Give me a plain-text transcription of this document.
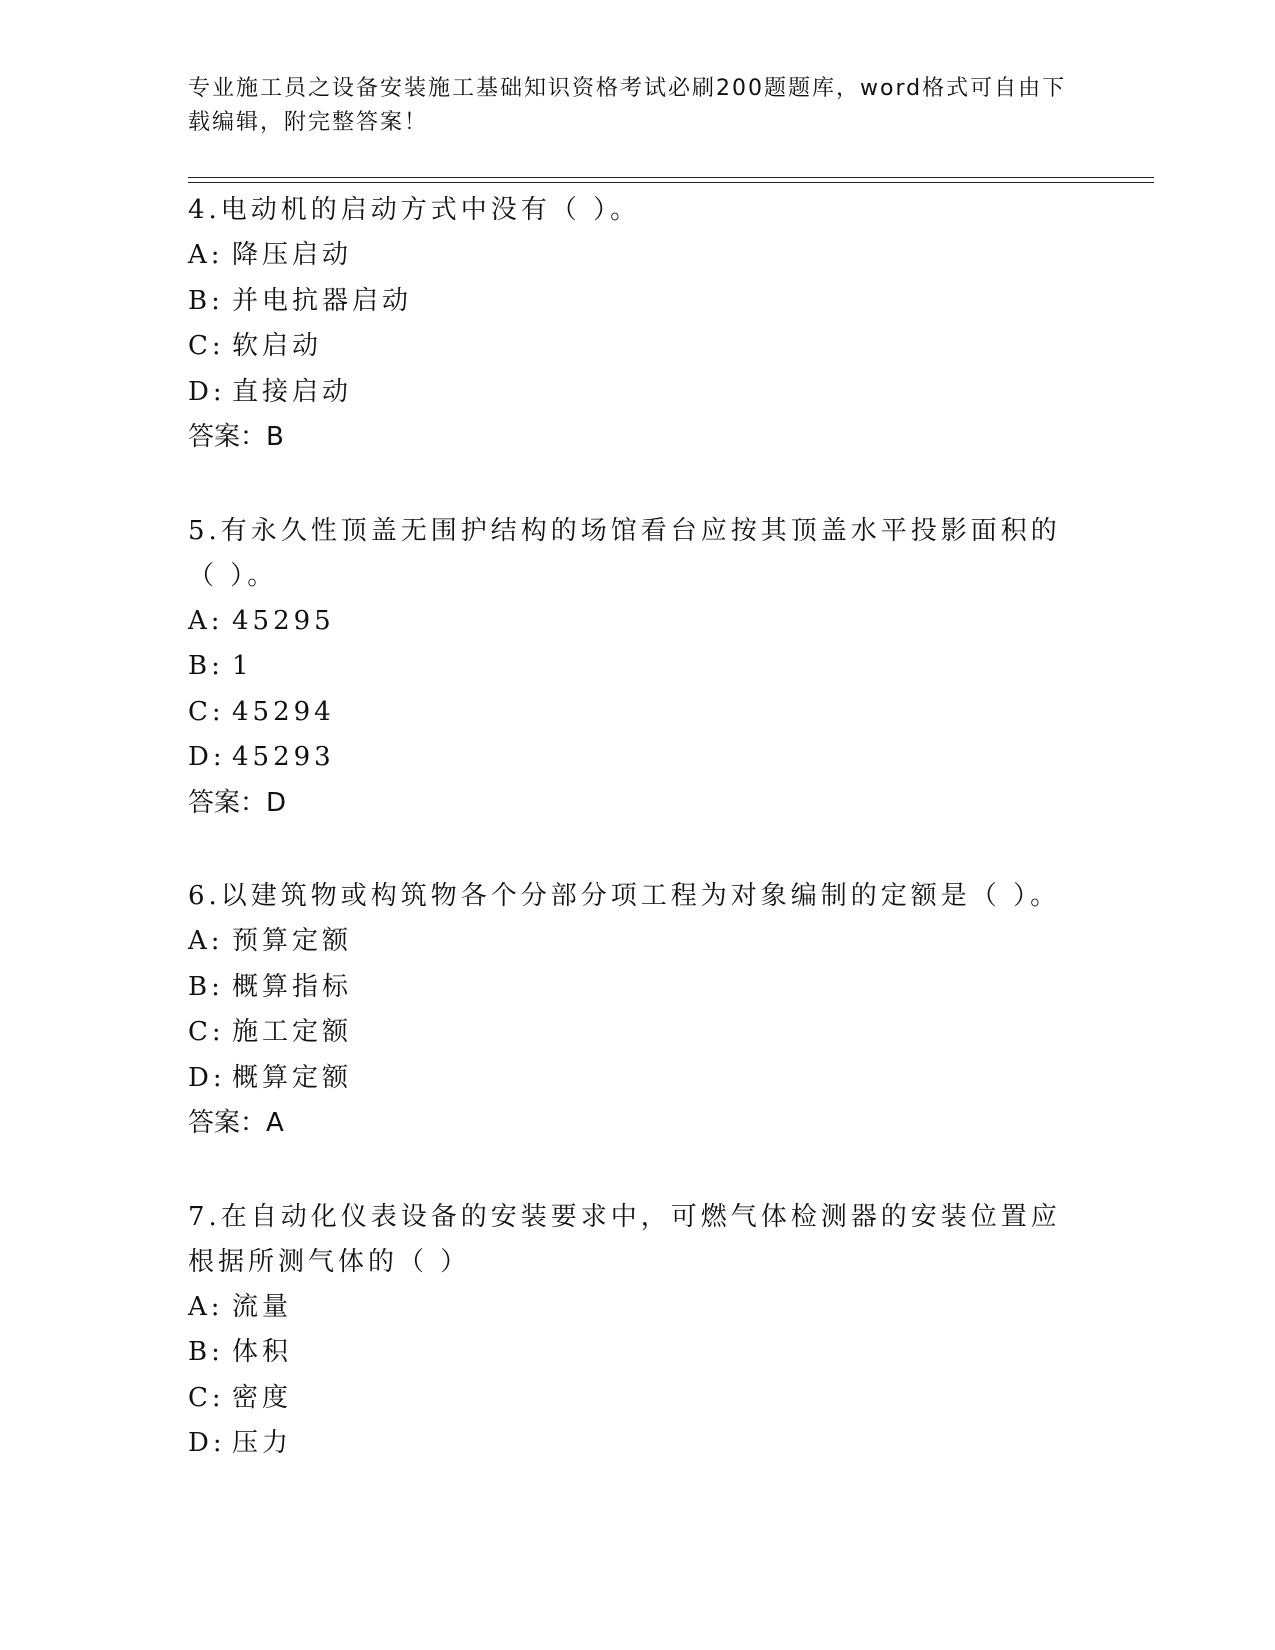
专业施工员之设备安装施工基础知识资格考试必刷200题题库，word格式可自由下载编辑，附完整答案！
4.电动机的启动方式中没有（ ）。
A: 降压启动
B: 并电抗器启动
C: 软启动
D: 直接启动
答案：B
5.有永久性顶盖无围护结构的场馆看台应按其顶盖水平投影面积的（ ）。
A: 45295
B: 1
C: 45294
D: 45293
答案：D
6.以建筑物或构筑物各个分部分项工程为对象编制的定额是（ ）。
A: 预算定额
B: 概算指标
C: 施工定额
D: 概算定额
答案：A
7.在自动化仪表设备的安装要求中，可燃气体检测器的安装位置应根据所测气体的（ ）
A: 流量
B: 体积
C: 密度
D: 压力
